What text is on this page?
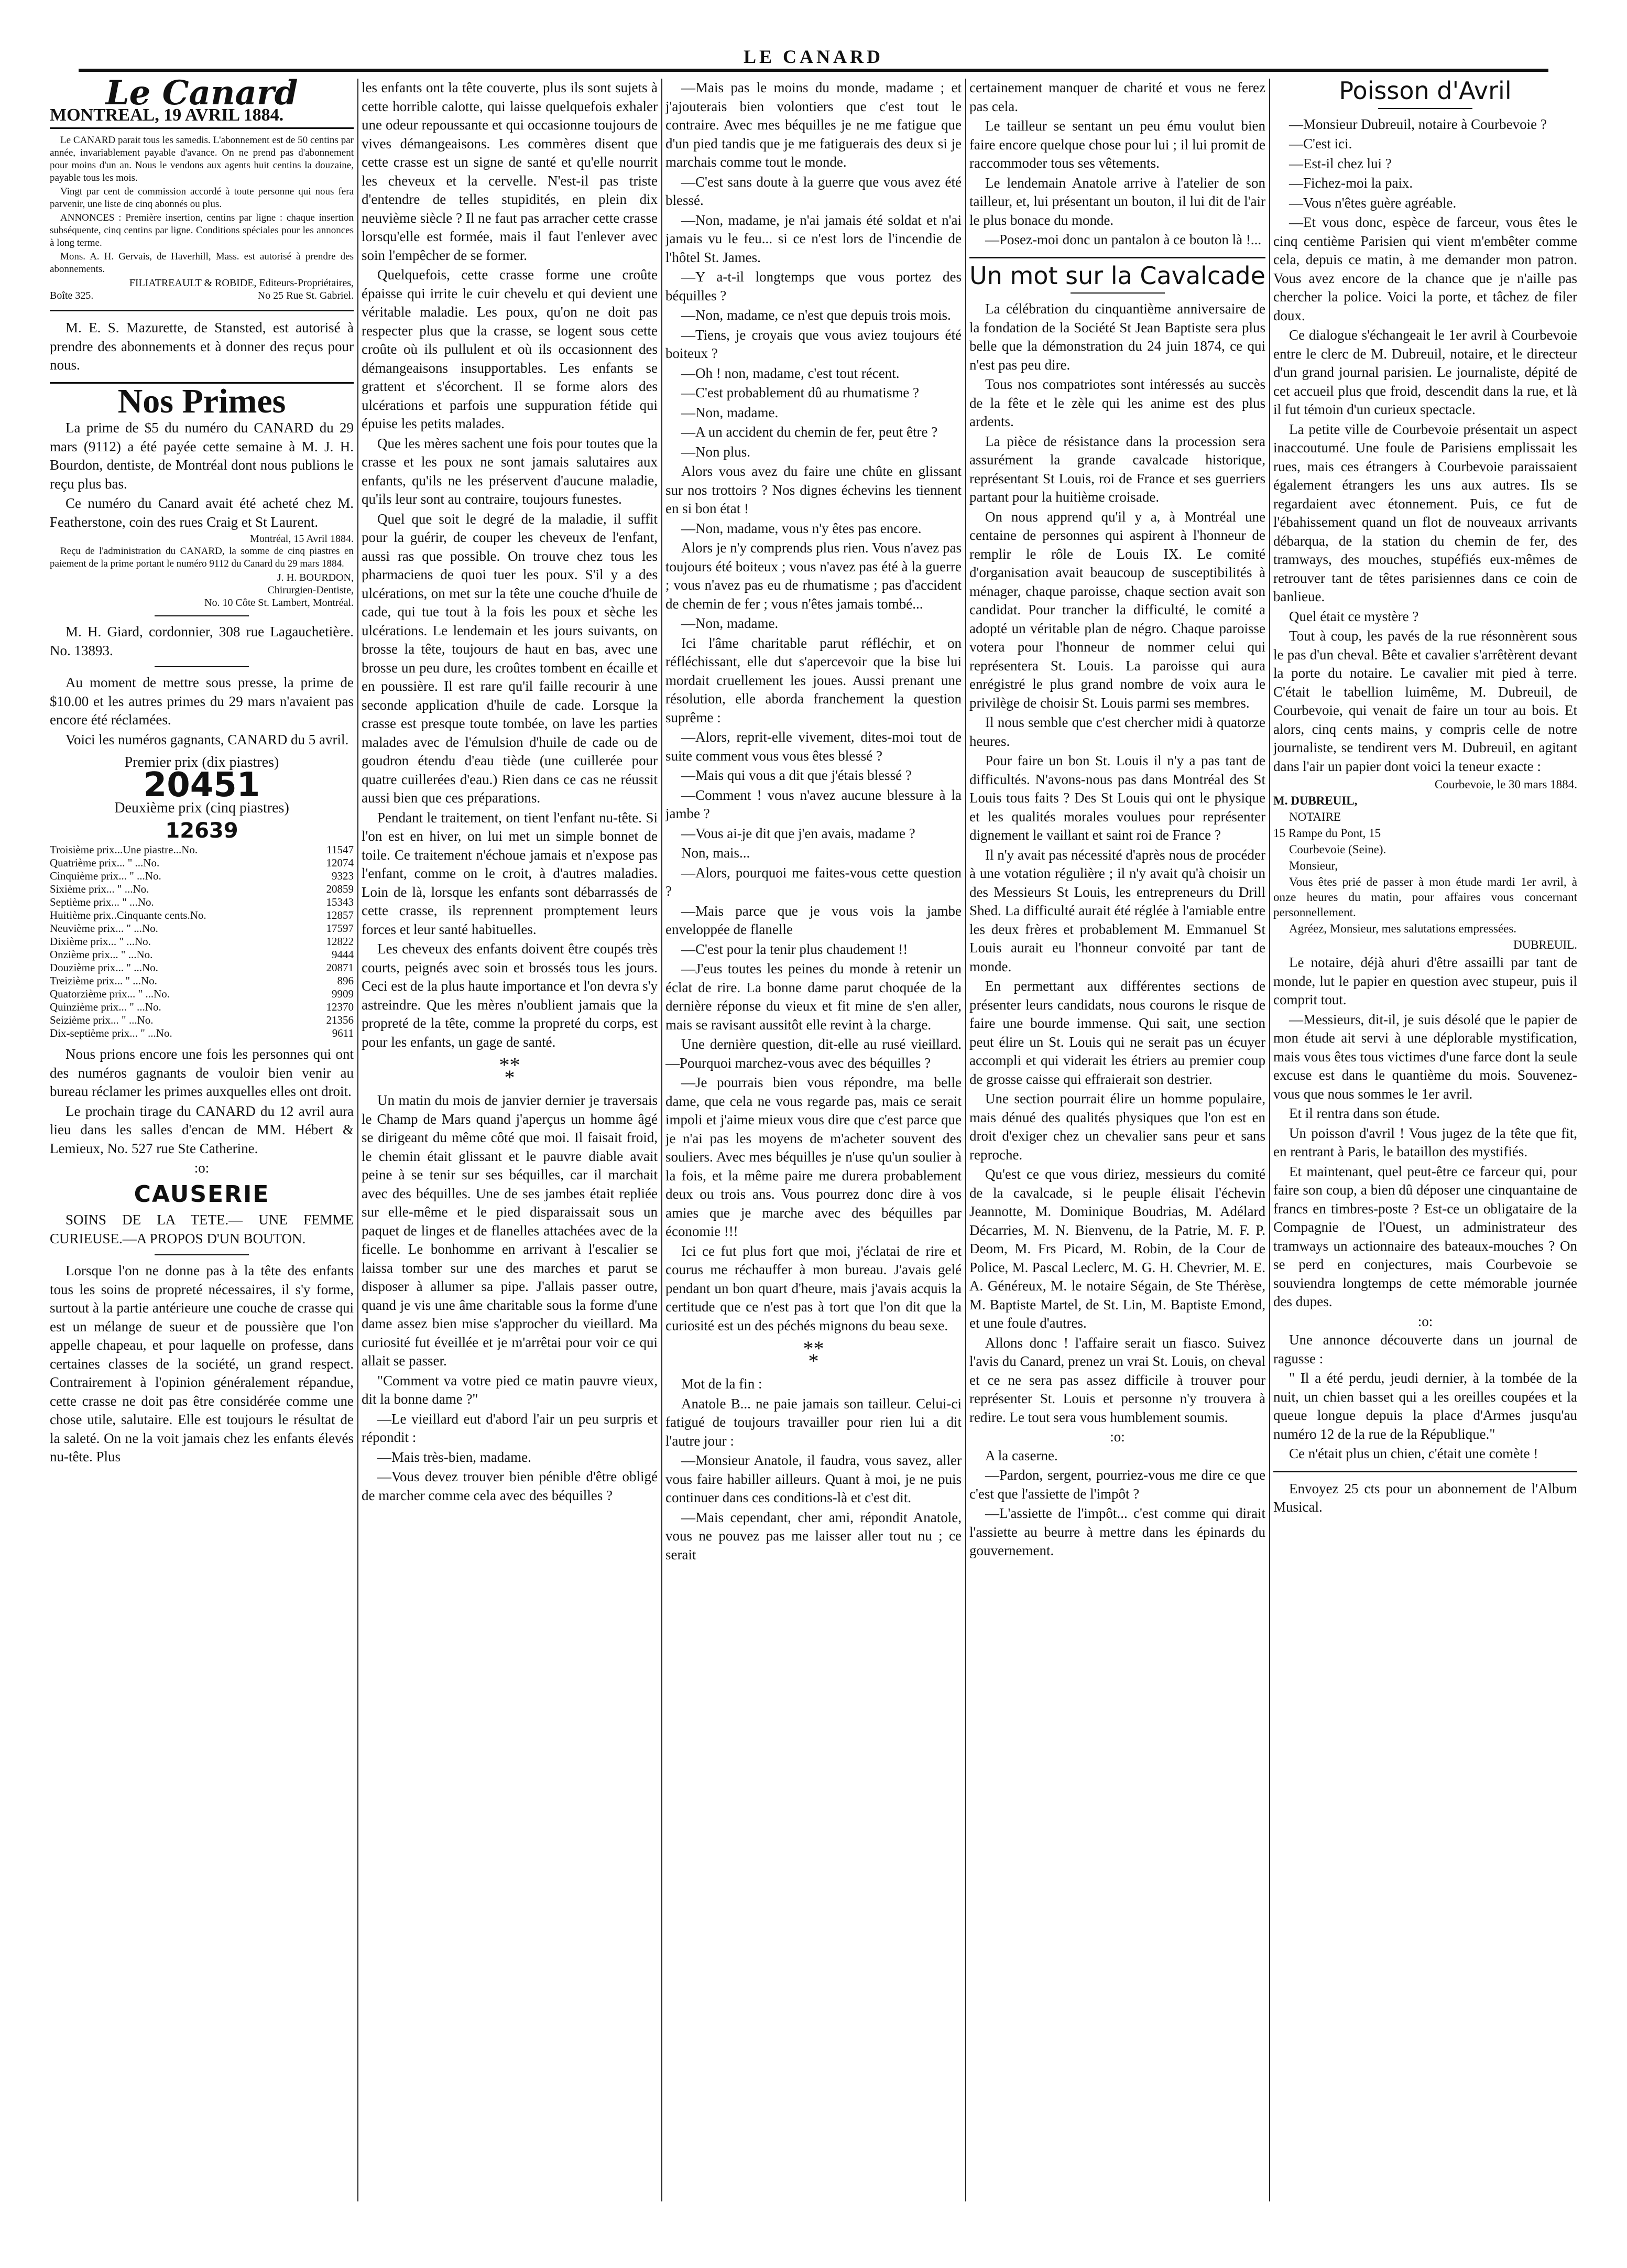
LE CANARD
Le Canard
MONTREAL, 19 AVRIL 1884.

Le CANARD parait tous les samedis. L'abonnement est de 50 centins par année, invariablement payable d'avance. On ne prend pas d'abonnement pour moins d'un an. Nous le vendons aux agents huit centins la douzaine, payable tous les mois.

Vingt par cent de commission accordé à toute personne qui nous fera parvenir, une liste de cinq abonnés ou plus.

ANNONCES : Première insertion, centins par ligne : chaque insertion subséquente, cinq centins par ligne. Conditions spéciales pour les annonces à long terme.

Mons. A. H. Gervais, de Haverhill, Mass. est autorisé à prendre des abonnements.

FILIATREAULT & ROBIDE, Editeurs-Propriétaires,
Boîte 325.	No 25 Rue St. Gabriel.

M. E. S. Mazurette, de Stansted, est autorisé à prendre des abonnements et à donner des reçus pour nous.

Nos Primes

La prime de $5 du numéro du CANARD du 29 mars (9112) a été payée cette semaine à M. J. H. Bourdon, dentiste, de Montréal dont nous publions le reçu plus bas.

Ce numéro du Canard avait été acheté chez M. Featherstone, coin des rues Craig et St Laurent.

Montréal, 15 Avril 1884.

Reçu de l'administration du CANARD, la somme de cinq piastres en paiement de la prime portant le numéro 9112 du Canard du 29 mars 1884.

J. H. BOURDON,
Chirurgien-Dentiste,
No. 10 Côte St. Lambert, Montréal.

M. H. Giard, cordonnier, 308 rue Lagauchetière. No. 13893.

Au moment de mettre sous presse, la prime de $10.00 et les autres primes du 29 mars n'avaient pas encore été réclamées.

Voici les numéros gagnants, CANARD du 5 avril.

Premier prix (dix piastres)
20451
Deuxième prix (cinq piastres)
12639
Troisième prix...Une piastre...No.	11547
Quatrième prix... " ...No.	12074
Cinquième prix... " ...No.	9323
Sixième prix... " ...No.	20859
Septième prix... " ...No.	15343
Huitième prix..Cinquante cents.No.	12857
Neuvième prix... " ...No.	17597
Dixième prix... " ...No.	12822
Onzième prix... " ...No.	9444
Douzième prix... " ...No.	20871
Treizième prix... " ...No.	896
Quatorzième prix... " ...No.	9909
Quinzième prix... " ...No.	12370
Seizième prix... " ...No.	21356
Dix-septième prix... " ...No.	9611

Nous prions encore une fois les personnes qui ont des numéros gagnants de vouloir bien venir au bureau réclamer les primes auxquelles elles ont droit.

Le prochain tirage du CANARD du 12 avril aura lieu dans les salles d'encan de MM. Hébert & Lemieux, No. 527 rue Ste Catherine.

:o:
CAUSERIE

SOINS DE LA TETE.— UNE FEMME CURIEUSE.—A PROPOS D'UN BOUTON.

Lorsque l'on ne donne pas à la tête des enfants tous les soins de propreté nécessaires, il s'y forme, surtout à la partie antérieure une couche de crasse qui est un mélange de sueur et de poussière que l'on appelle chapeau, et pour laquelle on professe, dans certaines classes de la société, un grand respect. Contrairement à l'opinion généralement répandue, cette crasse ne doit pas être considérée comme une chose utile, salutaire. Elle est toujours le résultat de la saleté. On ne la voit jamais chez les enfants élevés nu-tête. Plus

les enfants ont la tête couverte, plus ils sont sujets à cette horrible calotte, qui laisse quelquefois exhaler une odeur repoussante et qui occasionne toujours de vives démangeaisons. Les commères disent que cette crasse est un signe de santé et qu'elle nourrit les cheveux et la cervelle. N'est-il pas triste d'entendre de telles stupidités, en plein dix neuvième siècle ? Il ne faut pas arracher cette crasse lorsqu'elle est formée, mais il faut l'enlever avec soin l'empêcher de se former.

Quelquefois, cette crasse forme une croûte épaisse qui irrite le cuir chevelu et qui devient une véritable maladie. Les poux, qu'on ne doit pas respecter plus que la crasse, se logent sous cette croûte où ils pullulent et où ils occasionnent des démangeaisons insupportables. Les enfants se grattent et s'écorchent. Il se forme alors des ulcérations et parfois une suppuration fétide qui épuise les petits malades.

Que les mères sachent une fois pour toutes que la crasse et les poux ne sont jamais salutaires aux enfants, qu'ils ne les préservent d'aucune maladie, qu'ils leur sont au contraire, toujours funestes.

Quel que soit le degré de la maladie, il suffit pour la guérir, de couper les cheveux de l'enfant, aussi ras que possible. On trouve chez tous les pharmaciens de quoi tuer les poux. S'il y a des ulcérations, on met sur la tête une couche d'huile de cade, qui tue tout à la fois les poux et sèche les ulcérations. Le lendemain et les jours suivants, on brosse la tête, toujours de haut en bas, avec une brosse un peu dure, les croûtes tombent en écaille et en poussière. Il est rare qu'il faille recourir à une seconde application d'huile de cade. Lorsque la crasse est presque toute tombée, on lave les parties malades avec de l'émulsion d'huile de cade ou de goudron étendu d'eau tiède (une cuillerée pour quatre cuillerées d'eau.) Rien dans ce cas ne réussit aussi bien que ces préparations.

Pendant le traitement, on tient l'enfant nu-tête. Si l'on est en hiver, on lui met un simple bonnet de toile. Ce traitement n'échoue jamais et n'expose pas l'enfant, comme on le croit, à d'autres maladies. Loin de là, lorsque les enfants sont débarrassés de cette crasse, ils reprennent promptement leurs forces et leur santé habituelles.

Les cheveux des enfants doivent être coupés très courts, peignés avec soin et brossés tous les jours. Ceci est de la plus haute importance et l'on devra s'y astreindre. Que les mères n'oublient jamais que la propreté de la tête, comme la propreté du corps, est pour les enfants, un gage de santé.

**
*

Un matin du mois de janvier dernier je traversais le Champ de Mars quand j'aperçus un homme âgé se dirigeant du même côté que moi. Il faisait froid, le chemin était glissant et le pauvre diable avait peine à se tenir sur ses béquilles, car il marchait avec des béquilles. Une de ses jambes était repliée sur elle-même et le pied disparaissait sous un paquet de linges et de flanelles attachées avec de la ficelle. Le bonhomme en arrivant à l'escalier se laissa tomber sur une des marches et parut se disposer à allumer sa pipe. J'allais passer outre, quand je vis une âme charitable sous la forme d'une dame assez bien mise s'approcher du vieillard. Ma curiosité fut éveillée et je m'arrêtai pour voir ce qui allait se passer.

"Comment va votre pied ce matin pauvre vieux, dit la bonne dame ?"

—Le vieillard eut d'abord l'air un peu surpris et répondit :

—Mais très-bien, madame.

—Vous devez trouver bien pénible d'être obligé de marcher comme cela avec des béquilles ?

—Mais pas le moins du monde, madame ; et j'ajouterais bien volontiers que c'est tout le contraire. Avec mes béquilles je ne me fatigue que d'un pied tandis que je me fatiguerais des deux si je marchais comme tout le monde.

—C'est sans doute à la guerre que vous avez été blessé.

—Non, madame, je n'ai jamais été soldat et n'ai jamais vu le feu... si ce n'est lors de l'incendie de l'hôtel St. James.

—Y a-t-il longtemps que vous portez des béquilles ?

—Non, madame, ce n'est que depuis trois mois.

—Tiens, je croyais que vous aviez toujours été boiteux ?

—Oh ! non, madame, c'est tout récent.

—C'est probablement dû au rhumatisme ?

—Non, madame.

—A un accident du chemin de fer, peut être ?

—Non plus.

Alors vous avez du faire une chûte en glissant sur nos trottoirs ? Nos dignes échevins les tiennent en si bon état !

—Non, madame, vous n'y êtes pas encore.

Alors je n'y comprends plus rien. Vous n'avez pas toujours été boiteux ; vous n'avez pas été à la guerre ; vous n'avez pas eu de rhumatisme ; pas d'accident de chemin de fer ; vous n'êtes jamais tombé...

—Non, madame.

Ici l'âme charitable parut réfléchir, et on réfléchissant, elle dut s'apercevoir que la bise lui mordait cruellement les joues. Aussi prenant une résolution, elle aborda franchement la question suprême :

—Alors, reprit-elle vivement, dites-moi tout de suite comment vous vous êtes blessé ?

—Mais qui vous a dit que j'étais blessé ?

—Comment ! vous n'avez aucune blessure à la jambe ?

—Vous ai-je dit que j'en avais, madame ?

Non, mais...

—Alors, pourquoi me faites-vous cette question ?

—Mais parce que je vous vois la jambe enveloppée de flanelle

—C'est pour la tenir plus chaudement !!

—J'eus toutes les peines du monde à retenir un éclat de rire. La bonne dame parut choquée de la dernière réponse du vieux et fit mine de s'en aller, mais se ravisant aussitôt elle revint à la charge.

Une dernière question, dit-elle au rusé vieillard.—Pourquoi marchez-vous avec des béquilles ?

—Je pourrais bien vous répondre, ma belle dame, que cela ne vous regarde pas, mais ce serait impoli et j'aime mieux vous dire que c'est parce que je n'ai pas les moyens de m'acheter souvent des souliers. Avec mes béquilles je n'use qu'un soulier à la fois, et la même paire me durera probablement deux ou trois ans. Vous pourrez donc dire à vos amies que je marche avec des béquilles par économie !!!

Ici ce fut plus fort que moi, j'éclatai de rire et courus me réchauffer à mon bureau. J'avais gelé pendant un bon quart d'heure, mais j'avais acquis la certitude que ce n'est pas à tort que l'on dit que la curiosité est un des péchés mignons du beau sexe.

**
*

Mot de la fin :

Anatole B... ne paie jamais son tailleur. Celui-ci fatigué de toujours travailler pour rien lui a dit l'autre jour :

—Monsieur Anatole, il faudra, vous savez, aller vous faire habiller ailleurs. Quant à moi, je ne puis continuer dans ces conditions-là et c'est dit.

—Mais cependant, cher ami, répondit Anatole, vous ne pouvez pas me laisser aller tout nu ; ce serait

certainement manquer de charité et vous ne ferez pas cela.

Le tailleur se sentant un peu ému voulut bien faire encore quelque chose pour lui ; il lui promit de raccommoder tous ses vêtements.

Le lendemain Anatole arrive à l'atelier de son tailleur, et, lui présentant un bouton, il lui dit de l'air le plus bonace du monde.

—Posez-moi donc un pantalon à ce bouton là !...

Un mot sur la Cavalcade

La célébration du cinquantième anniversaire de la fondation de la Société St Jean Baptiste sera plus belle que la démonstration du 24 juin 1874, ce qui n'est pas peu dire.

Tous nos compatriotes sont intéressés au succès de la fête et le zèle qui les anime est des plus ardents.

La pièce de résistance dans la procession sera assurément la grande cavalcade historique, représentant St Louis, roi de France et ses guerriers partant pour la huitième croisade.

On nous apprend qu'il y a, à Montréal une centaine de personnes qui aspirent à l'honneur de remplir le rôle de Louis IX. Le comité d'organisation avait beaucoup de susceptibilités à ménager, chaque paroisse, chaque section avait son candidat. Pour trancher la difficulté, le comité a adopté un véritable plan de négro. Chaque paroisse votera pour l'honneur de nommer celui qui représentera St. Louis. La paroisse qui aura enrégistré le plus grand nombre de voix aura le privilège de choisir St. Louis parmi ses membres.

Il nous semble que c'est chercher midi à quatorze heures.

Pour faire un bon St. Louis il n'y a pas tant de difficultés. N'avons-nous pas dans Montréal des St Louis tous faits ? Des St Louis qui ont le physique et les qualités morales voulues pour représenter dignement le vaillant et saint roi de France ?

Il n'y avait pas nécessité d'après nous de procéder à une votation régulière ; il n'y avait qu'à choisir un des Messieurs St Louis, les entrepreneurs du Drill Shed. La difficulté aurait été réglée à l'amiable entre les deux frères et probablement M. Emmanuel St Louis aurait eu l'honneur convoité par tant de monde.

En permettant aux différentes sections de présenter leurs candidats, nous courons le risque de faire une bourde immense. Qui sait, une section peut élire un St. Louis qui ne serait pas un écuyer accompli et qui viderait les étriers au premier coup de grosse caisse qui effraierait son destrier.

Une section pourrait élire un homme populaire, mais dénué des qualités physiques que l'on est en droit d'exiger chez un chevalier sans peur et sans reproche.

Qu'est ce que vous diriez, messieurs du comité de la cavalcade, si le peuple élisait l'échevin Jeannotte, M. Dominique Boudrias, M. Adélard Décarries, M. N. Bienvenu, de la Patrie, M. F. P. Deom, M. Frs Picard, M. Robin, de la Cour de Police, M. Pascal Leclerc, M. G. H. Chevrier, M. E. A. Généreux, M. le notaire Ségain, de Ste Thérèse, M. Baptiste Martel, de St. Lin, M. Baptiste Emond, et une foule d'autres.

Allons donc ! l'affaire serait un fiasco. Suivez l'avis du Canard, prenez un vrai St. Louis, on cheval et ce ne sera pas assez difficile à trouver pour représenter St. Louis et personne n'y trouvera à redire. Le tout sera vous humblement soumis.

:o:

A la caserne.

—Pardon, sergent, pourriez-vous me dire ce que c'est que l'assiette de l'impôt ?

—L'assiette de l'impôt... c'est comme qui dirait l'assiette au beurre à mettre dans les épinards du gouvernement.

Poisson d'Avril

—Monsieur Dubreuil, notaire à Courbevoie ?

—C'est ici.

—Est-il chez lui ?

—Fichez-moi la paix.

—Vous n'êtes guère agréable.

—Et vous donc, espèce de farceur, vous êtes le cinq centième Parisien qui vient m'embêter comme cela, depuis ce matin, à me demander mon patron. Vous avez encore de la chance que je n'aille pas chercher la police. Voici la porte, et tâchez de filer doux.

Ce dialogue s'échangeait le 1er avril à Courbevoie entre le clerc de M. Dubreuil, notaire, et le directeur d'un grand journal parisien. Le journaliste, dépité de cet accueil plus que froid, descendit dans la rue, et là il fut témoin d'un curieux spectacle.

La petite ville de Courbevoie présentait un aspect inaccoutumé. Une foule de Parisiens emplissait les rues, mais ces étrangers à Courbevoie paraissaient également étrangers les uns aux autres. Ils se regardaient avec étonnement. Puis, ce fut de l'ébahissement quand un flot de nouveaux arrivants débarqua, de la station du chemin de fer, des tramways, des mouches, stupéfiés eux-mêmes de retrouver tant de têtes parisiennes dans ce coin de banlieue.

Quel était ce mystère ?

Tout à coup, les pavés de la rue résonnèrent sous le pas d'un cheval. Bête et cavalier s'arrêtèrent devant la porte du notaire. Le cavalier mit pied à terre. C'était le tabellion luimême, M. Dubreuil, de Courbevoie, qui venait de faire un tour au bois. Et alors, cinq cents mains, y compris celle de notre journaliste, se tendirent vers M. Dubreuil, en agitant dans l'air un papier dont voici la teneur exacte :

Courbevoie, le 30 mars 1884.

M. DUBREUIL,

NOTAIRE

15 Rampe du Pont, 15

Courbevoie (Seine).

Monsieur,

Vous êtes prié de passer à mon étude mardi 1er avril, à onze heures du matin, pour affaires vous concernant personnellement.

Agréez, Monsieur, mes salutations empressées.

DUBREUIL.

Le notaire, déjà ahuri d'être assailli par tant de monde, lut le papier en question avec stupeur, puis il comprit tout.

—Messieurs, dit-il, je suis désolé que le papier de mon étude ait servi à une déplorable mystification, mais vous êtes tous victimes d'une farce dont la seule excuse est dans le quantième du mois. Souvenez-vous que nous sommes le 1er avril.

Et il rentra dans son étude.

Un poisson d'avril ! Vous jugez de la tête que fit, en rentrant à Paris, le bataillon des mystifiés.

Et maintenant, quel peut-être ce farceur qui, pour faire son coup, a bien dû déposer une cinquantaine de francs en timbres-poste ? Est-ce un obligataire de la Compagnie de l'Ouest, un administrateur des tramways un actionnaire des bateaux-mouches ? On se perd en conjectures, mais Courbevoie se souviendra longtemps de cette mémorable journée des dupes.

:o:

Une annonce découverte dans un journal de ragusse :

" Il a été perdu, jeudi dernier, à la tombée de la nuit, un chien basset qui a les oreilles coupées et la queue longue depuis la place d'Armes jusqu'au numéro 12 de la rue de la République."

Ce n'était plus un chien, c'était une comète !

Envoyez 25 cts pour un abonnement de l'Album Musical.
